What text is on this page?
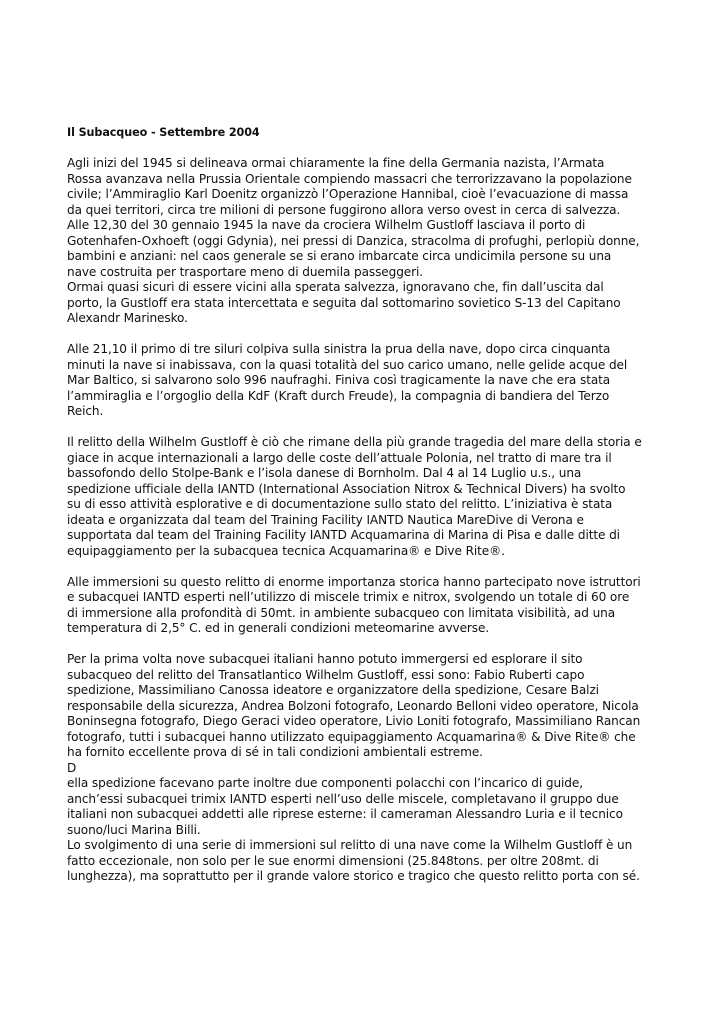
Il Subacqueo - Settembre 2004
Agli inizi del 1945 si delineava ormai chiaramente la fine della Germania nazista, l’Armata Rossa avanzava nella Prussia Orientale compiendo massacri che terrorizzavano la popolazione civile; l’Ammiraglio Karl Doenitz organizzò l’Operazione Hannibal, cioè l’evacuazione di massa da quei territori, circa tre milioni di persone fuggirono allora verso ovest in cerca di salvezza.
Alle 12,30 del 30 gennaio 1945 la nave da crociera Wilhelm Gustloff lasciava il porto di Gotenhafen-Oxhoeft (oggi Gdynia), nei pressi di Danzica, stracolma di profughi, perlopiù donne, bambini e anziani: nel caos generale se si erano imbarcate circa undicimila persone su una nave costruita per trasportare meno di duemila passeggeri.
Ormai quasi sicuri di essere vicini alla sperata salvezza, ignoravano che, fin dall’uscita dal porto, la Gustloff era stata intercettata e seguita dal sottomarino sovietico S-13 del Capitano Alexandr Marinesko.
Alle 21,10 il primo di tre siluri colpiva sulla sinistra la prua della nave, dopo circa cinquanta minuti la nave si inabissava, con la quasi totalità del suo carico umano, nelle gelide acque del Mar Baltico, si salvarono solo 996 naufraghi. Finiva così tragicamente la nave che era stata l’ammiraglia e l’orgoglio della KdF (Kraft durch Freude), la compagnia di bandiera del Terzo Reich.
Il relitto della Wilhelm Gustloff è ciò che rimane della più grande tragedia del mare della storia e giace in acque internazionali a largo delle coste dell’attuale Polonia, nel tratto di mare tra il bassofondo dello Stolpe-Bank e l’isola danese di Bornholm. Dal 4 al 14 Luglio u.s., una spedizione ufficiale della IANTD (International Association Nitrox & Technical Divers) ha svolto su di esso attività esplorative e di documentazione sullo stato del relitto. L’iniziativa è stata ideata e organizzata dal team del Training Facility IANTD Nautica MareDive di Verona e supportata dal team del Training Facility IANTD Acquamarina di Marina di Pisa e dalle ditte di equipaggiamento per la subacquea tecnica Acquamarina® e Dive Rite®.
Alle immersioni su questo relitto di enorme importanza storica hanno partecipato nove istruttori e subacquei IANTD esperti nell’utilizzo di miscele trimix e nitrox, svolgendo un totale di 60 ore di immersione alla profondità di 50mt. in ambiente subacqueo con limitata visibilità, ad una temperatura di 2,5° C. ed in generali condizioni meteomarine avverse.
Per la prima volta nove subacquei italiani hanno potuto immergersi ed esplorare il sito subacqueo del relitto del Transatlantico Wilhelm Gustloff, essi sono: Fabio Ruberti capo spedizione, Massimiliano Canossa ideatore e organizzatore della spedizione, Cesare Balzi responsabile della sicurezza, Andrea Bolzoni fotografo, Leonardo Belloni video operatore, Nicola Boninsegna fotografo, Diego Geraci video operatore, Livio Loniti fotografo, Massimiliano Rancan fotografo, tutti i subacquei hanno utilizzato equipaggiamento Acquamarina® & Dive Rite® che ha fornito eccellente prova di sé in tali condizioni ambientali estreme.
D
ella spedizione facevano parte inoltre due componenti polacchi con l’incarico di guide, anch’essi subacquei trimix IANTD esperti nell’uso delle miscele, completavano il gruppo due italiani non subacquei addetti alle riprese esterne: il cameraman Alessandro Luria e il tecnico suono/luci Marina Billi.
Lo svolgimento di una serie di immersioni sul relitto di una nave come la Wilhelm Gustloff è un fatto eccezionale, non solo per le sue enormi dimensioni (25.848tons. per oltre 208mt. di lunghezza), ma soprattutto per il grande valore storico e tragico che questo relitto porta con sé.
